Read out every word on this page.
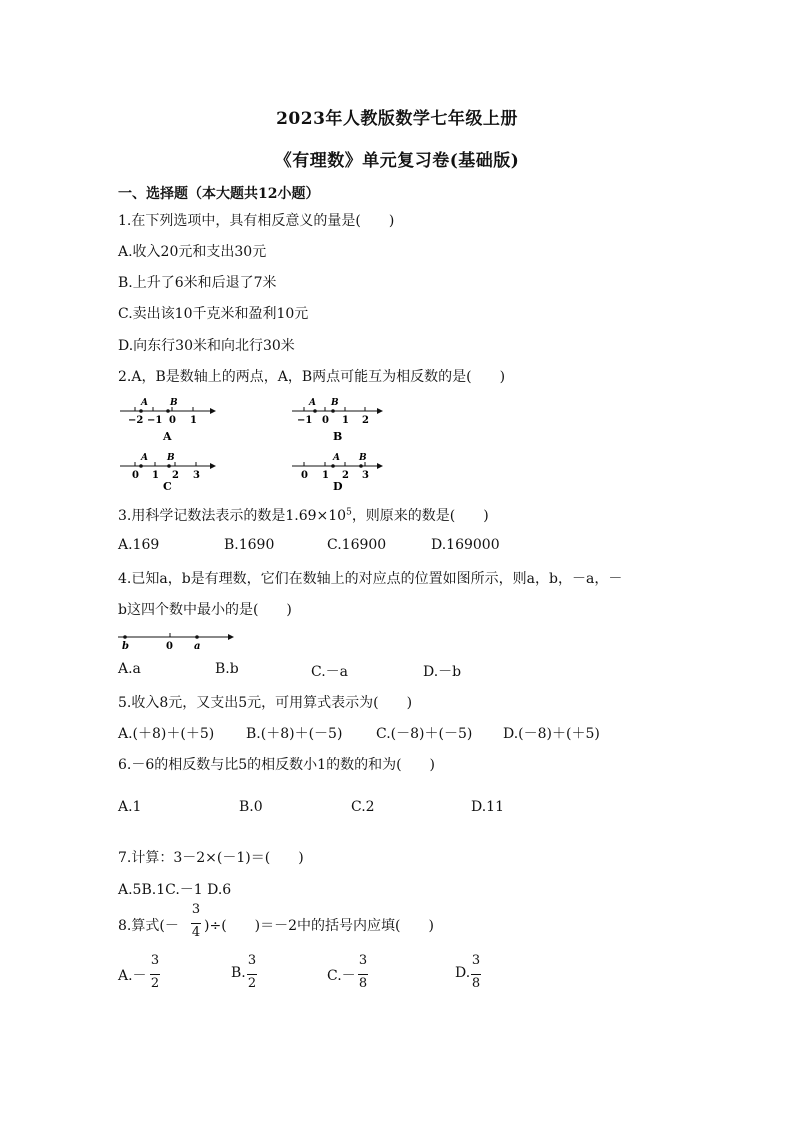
2023年人教版数学七年级上册
《有理数》单元复习卷(基础版)
一、选择题（本大题共12小题）
1.在下列选项中，具有相反意义的量是(　　)
A.收入20元和支出30元
B.上升了6米和后退了7米
C.卖出该10千克米和盈利10元
D.向东行30米和向北行30米
2.A，B是数轴上的两点，A，B两点可能互为相反数的是(　　)
A B
−2 −1 0 1
A
A B
−1 0 1 2
B
A B
0 1 2 3
C
A B
0 1 2 3
D
3.用科学记数法表示的数是$1.69\times 10^5$，则原来的数是(　　)
A.169	B.1690	C.16900	D.169000
4.已知a，b是有理数，它们在数轴上的对应点的位置如图所示，则a，b，－a，－
b这四个数中最小的是(　　)
b	0 a
A.a	B.b	C.－a	D.－b
5.收入8元，又支出5元，可用算式表示为(　　)
A.(＋8)＋(＋5) B.(＋8)＋(－5) C.(－8)＋(－5) D.(－8)＋(＋5)
6.－6的相反数与比5的相反数小1的数的和为(　　)
A.1	B.0	C.2	D.11
7.计算：3－2×(－1)＝(　　)
A.5B.1C.－1 D.6
8.算式(－
3
4 )÷(　　)＝－2中的括号内应填(　　)
A.－
3
2
B.
3
2	C.－
3
8
D.
3
8
